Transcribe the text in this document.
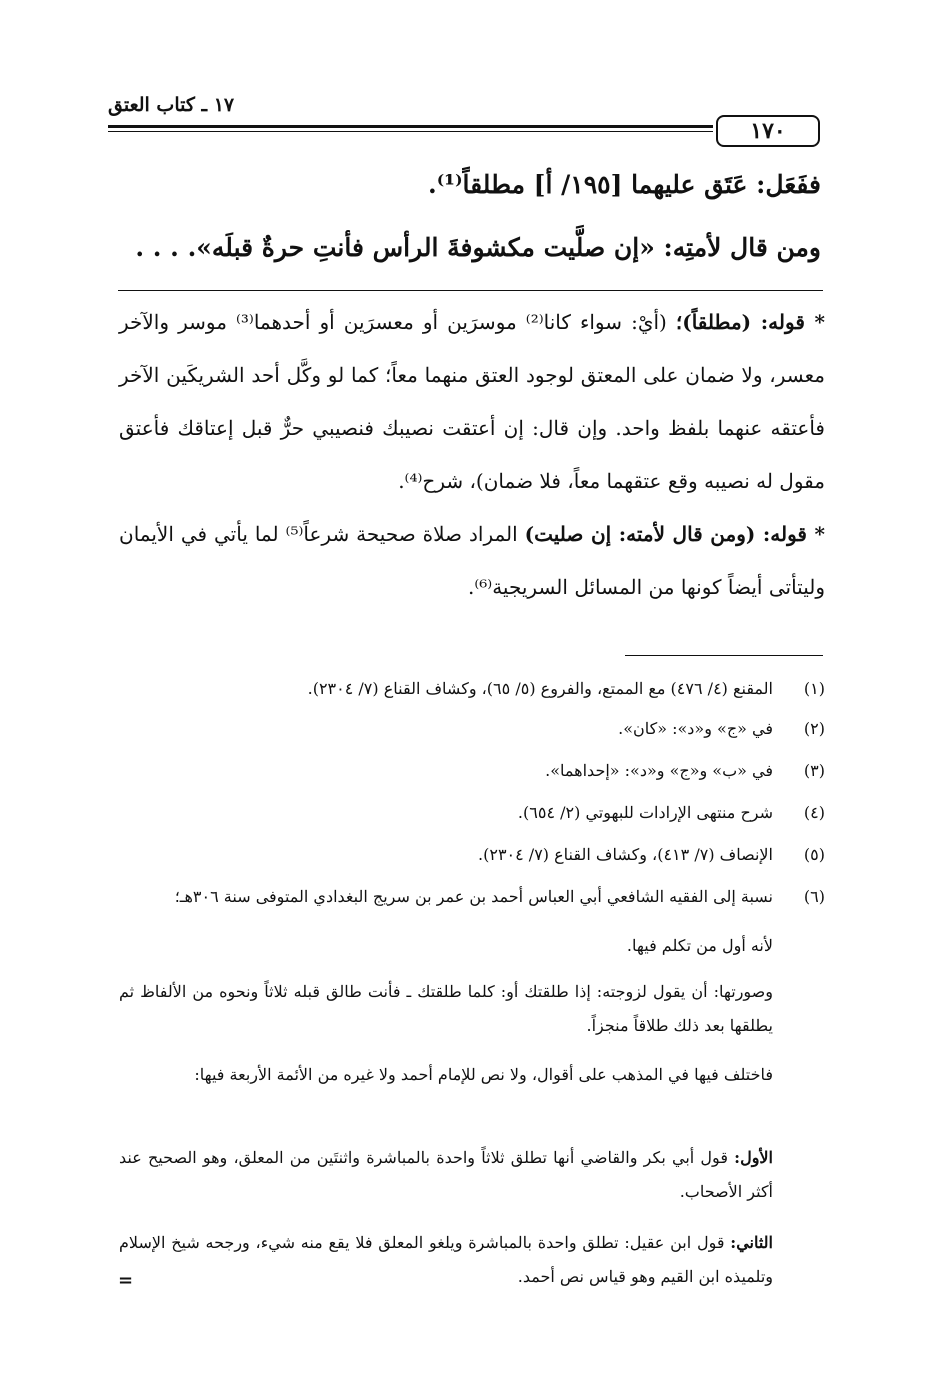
١٧ ـ كتاب العتق
١٧٠
ففَعَل: عَتَق عليهما [١٩٥/ أ] مطلقاً⁽¹⁾.
ومن قال لأمتِه: «إن صلَّيت مكشوفةَ الرأس فأنتِ حرةٌ قبلَه». . . .
* قوله: (مطلقاً)؛ (أيْ: سواء كانا⁽²⁾ موسرَين أو معسرَين أو أحدهما⁽³⁾ موسر والآخر معسر، ولا ضمان على المعتق لوجود العتق منهما معاً؛ كما لو وكَّل أحد الشريكَين الآخر فأعتقه عنهما بلفظ واحد. وإن قال: إن أعتقت نصيبك فنصيبي حرٌّ قبل إعتاقك فأعتق مقول له نصيبه وقع عتقهما معاً، فلا ضمان)، شرح⁽⁴⁾.
* قوله: (ومن قال لأمته: إن صليت) المراد صلاة صحيحة شرعاً⁽⁵⁾ لما يأتي في الأيمان وليتأتى أيضاً كونها من المسائل السريجية⁽⁶⁾.
(١)المقنع (٤/ ٤٧٦) مع الممتع، والفروع (٥/ ٦٥)، وكشاف القناع (٧/ ٢٣٠٤).
(٢)في «ج» و«د»: «كان».
(٣)في «ب» و«ج» و«د»: «إحداهما».
(٤)شرح منتهى الإرادات للبهوتي (٢/ ٦٥٤).
(٥)الإنصاف (٧/ ٤١٣)، وكشاف القناع (٧/ ٢٣٠٤).
(٦)نسبة إلى الفقيه الشافعي أبي العباس أحمد بن عمر بن سريج البغدادي المتوفى سنة ٣٠٦هـ؛
لأنه أول من تكلم فيها.
وصورتها: أن يقول لزوجته: إذا طلقتك أو: كلما طلقتك ـ فأنت طالق قبله ثلاثاً ونحوه من الألفاظ ثم يطلقها بعد ذلك طلاقاً منجزاً.
فاختلف فيها في المذهب على أقوال، ولا نص للإمام أحمد ولا غيره من الأئمة الأربعة فيها:
الأول: قول أبي بكر والقاضي أنها تطلق ثلاثاً واحدة بالمباشرة واثنتَين من المعلق، وهو الصحيح عند أكثر الأصحاب.
الثاني: قول ابن عقيل: تطلق واحدة بالمباشرة ويلغو المعلق فلا يقع منه شيء، ورجحه شيخ الإسلام وتلميذه ابن القيم وهو قياس نص أحمد.
=
